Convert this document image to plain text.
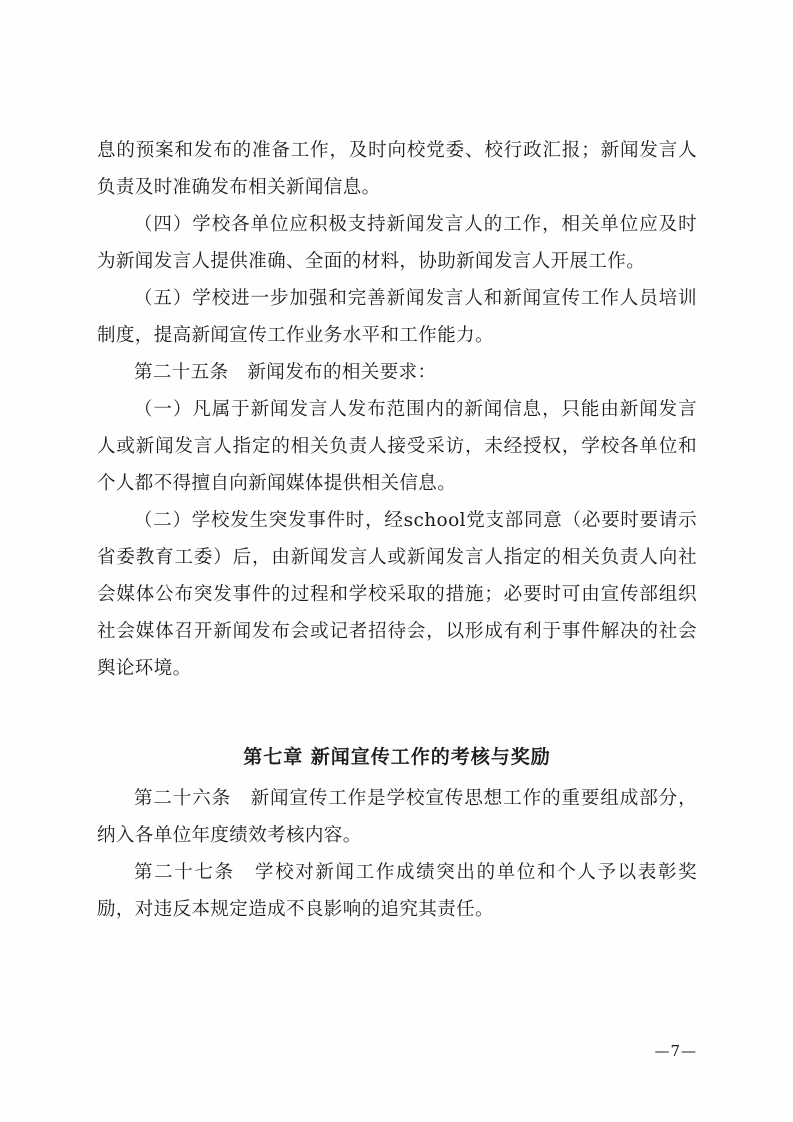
息的预案和发布的准备工作，及时向校党委、校行政汇报；新闻发言人负责及时准确发布相关新闻信息。

（四）学校各单位应积极支持新闻发言人的工作，相关单位应及时为新闻发言人提供准确、全面的材料，协助新闻发言人开展工作。

（五）学校进一步加强和完善新闻发言人和新闻宣传工作人员培训制度，提高新闻宣传工作业务水平和工作能力。

第二十五条　新闻发布的相关要求：

（一）凡属于新闻发言人发布范围内的新闻信息，只能由新闻发言人或新闻发言人指定的相关负责人接受采访，未经授权，学校各单位和个人都不得擅自向新闻媒体提供相关信息。

（二）学校发生突发事件时，经school党支部同意（必要时要请示省委教育工委）后，由新闻发言人或新闻发言人指定的相关负责人向社会媒体公布突发事件的过程和学校采取的措施；必要时可由宣传部组织社会媒体召开新闻发布会或记者招待会，以形成有利于事件解决的社会舆论环境。

第七章 新闻宣传工作的考核与奖励

第二十六条　新闻宣传工作是学校宣传思想工作的重要组成部分，纳入各单位年度绩效考核内容。

第二十七条　学校对新闻工作成绩突出的单位和个人予以表彰奖励，对违反本规定造成不良影响的追究其责任。

—7—
